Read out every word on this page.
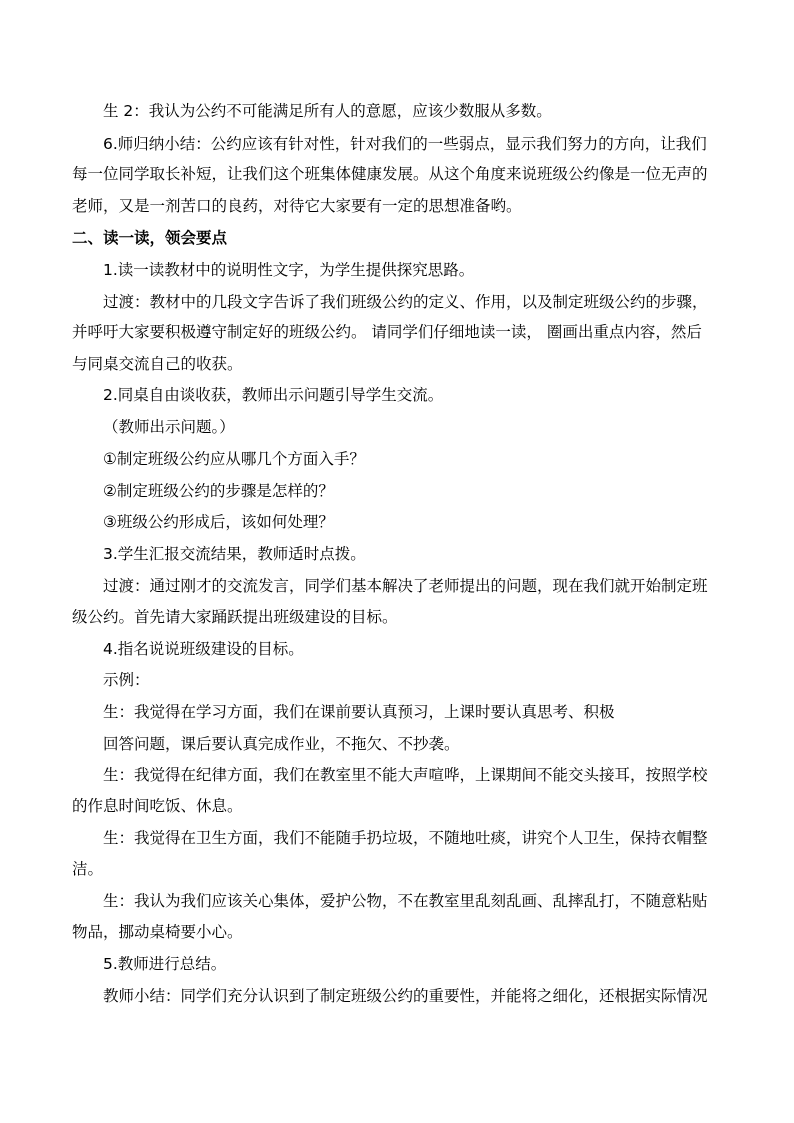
生 2：我认为公约不可能满足所有人的意愿，应该少数服从多数。
6.师归纳小结：公约应该有针对性，针对我们的一些弱点，显示我们努力的方向，让我们
每一位同学取长补短，让我们这个班集体健康发展。从这个角度来说班级公约像是一位无声的
老师，又是一剂苦口的良药，对待它大家要有一定的思想准备哟。
二、读一读，领会要点
1.读一读教材中的说明性文字，为学生提供探究思路。
过渡：教材中的几段文字告诉了我们班级公约的定义、作用，以及制定班级公约的步骤，
并呼吁大家要积极遵守制定好的班级公约。 请同学们仔细地读一读， 圈画出重点内容，然后
与同桌交流自己的收获。
2.同桌自由谈收获，教师出示问题引导学生交流。
（教师出示问题。）
①制定班级公约应从哪几个方面入手？
②制定班级公约的步骤是怎样的？
③班级公约形成后，该如何处理？
3.学生汇报交流结果，教师适时点拨。
过渡：通过刚才的交流发言，同学们基本解决了老师提出的问题，现在我们就开始制定班
级公约。首先请大家踊跃提出班级建设的目标。
4.指名说说班级建设的目标。
示例：
生：我觉得在学习方面，我们在课前要认真预习，上课时要认真思考、积极
回答问题，课后要认真完成作业，不拖欠、不抄袭。
生：我觉得在纪律方面，我们在教室里不能大声喧哗，上课期间不能交头接耳，按照学校
的作息时间吃饭、休息。
生：我觉得在卫生方面，我们不能随手扔垃圾，不随地吐痰，讲究个人卫生，保持衣帽整
洁。
生：我认为我们应该关心集体，爱护公物，不在教室里乱刻乱画、乱摔乱打，不随意粘贴
物品，挪动桌椅要小心。
5.教师进行总结。
教师小结：同学们充分认识到了制定班级公约的重要性，并能将之细化，还根据实际情况
